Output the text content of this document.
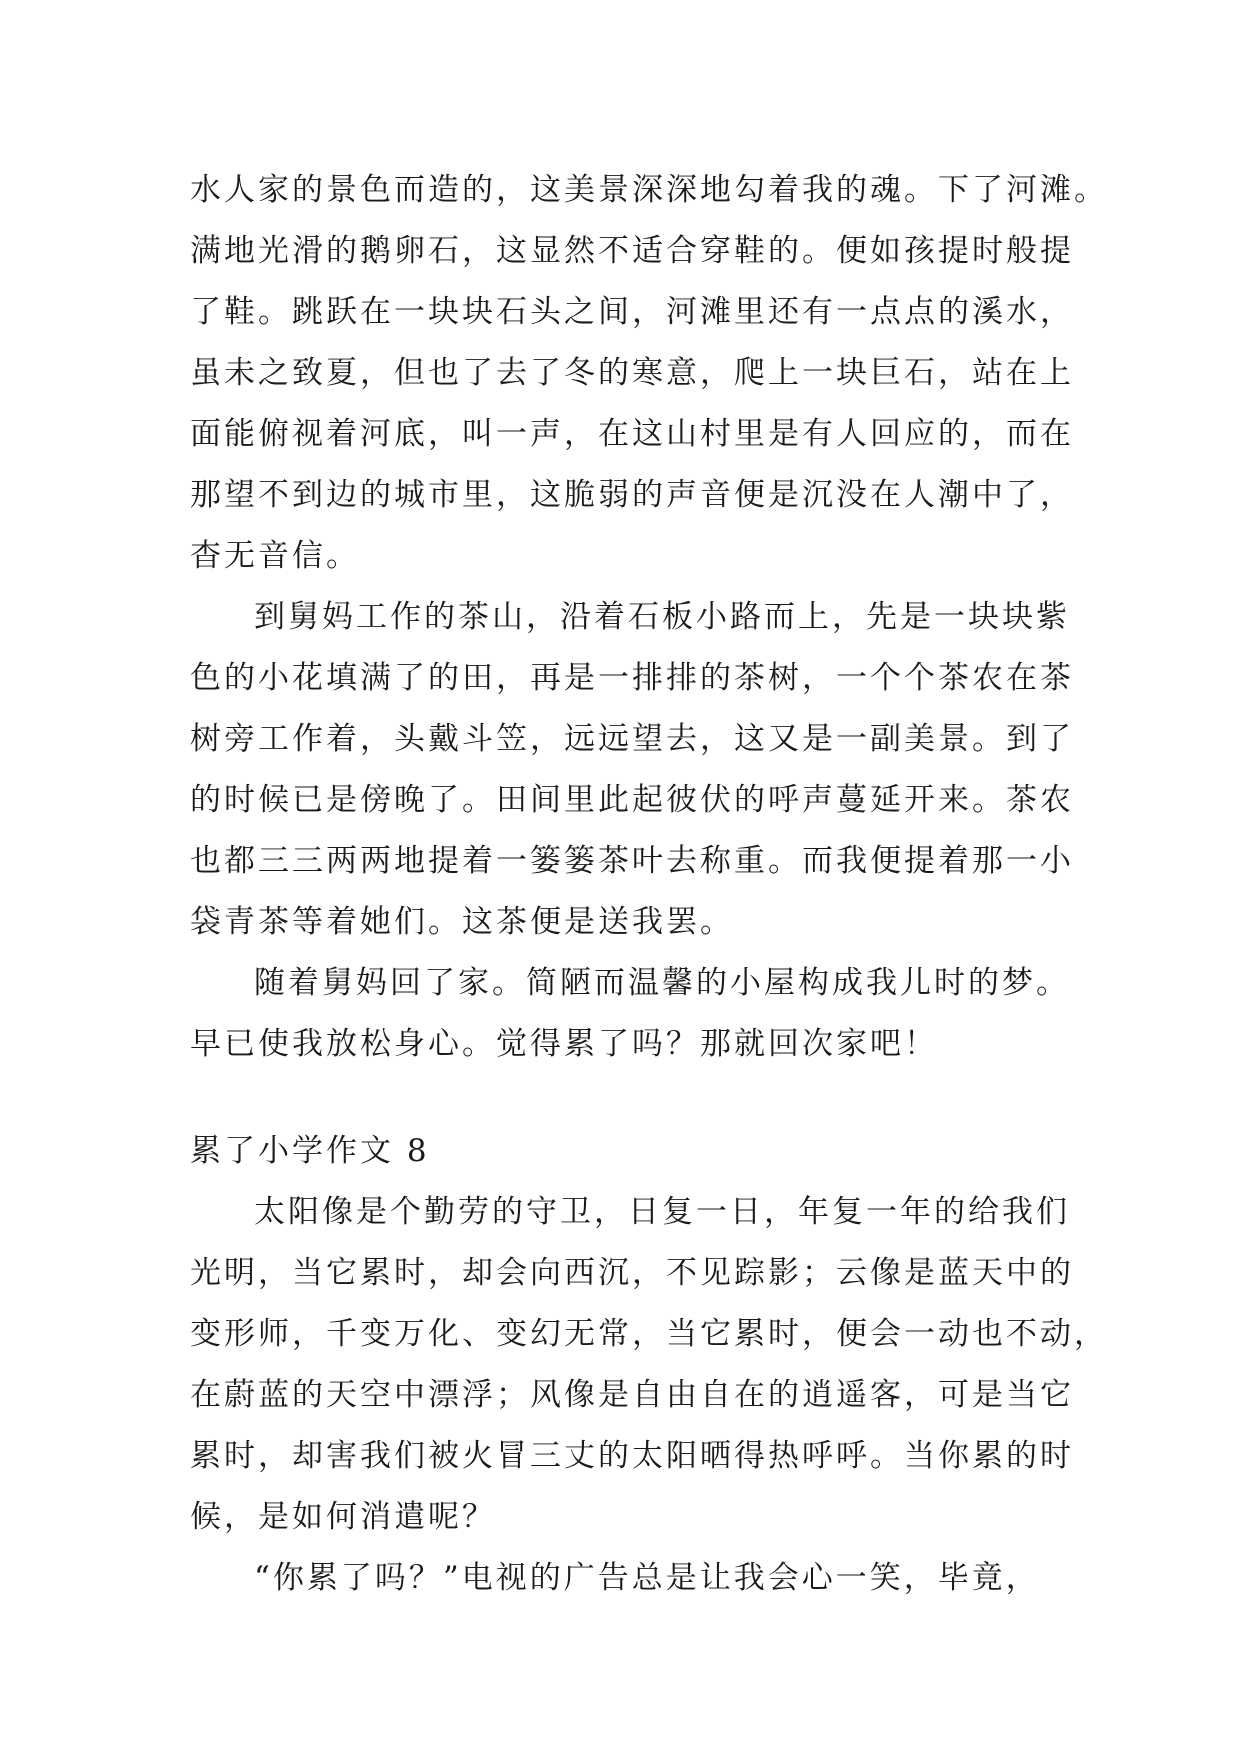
水人家的景色而造的，这美景深深地勾着我的魂。下了河滩。
满地光滑的鹅卵石，这显然不适合穿鞋的。便如孩提时般提
了鞋。跳跃在一块块石头之间，河滩里还有一点点的溪水，
虽未之致夏，但也了去了冬的寒意，爬上一块巨石，站在上
面能俯视着河底，叫一声，在这山村里是有人回应的，而在
那望不到边的城市里，这脆弱的声音便是沉没在人潮中了，
杳无音信。
到舅妈工作的茶山，沿着石板小路而上，先是一块块紫
色的小花填满了的田，再是一排排的茶树，一个个茶农在茶
树旁工作着，头戴斗笠，远远望去，这又是一副美景。到了
的时候已是傍晚了。田间里此起彼伏的呼声蔓延开来。茶农
也都三三两两地提着一篓篓茶叶去称重。而我便提着那一小
袋青茶等着她们。这茶便是送我罢。
随着舅妈回了家。简陋而温馨的小屋构成我儿时的梦。
早已使我放松身心。觉得累了吗？那就回次家吧！
累了小学作文 8
太阳像是个勤劳的守卫，日复一日，年复一年的给我们
光明，当它累时，却会向西沉，不见踪影；云像是蓝天中的
变形师，千变万化、变幻无常，当它累时，便会一动也不动，
在蔚蓝的天空中漂浮；风像是自由自在的逍遥客，可是当它
累时，却害我们被火冒三丈的太阳晒得热呼呼。当你累的时
候，是如何消遣呢？
“你累了吗？”电视的广告总是让我会心一笑，毕竟，
